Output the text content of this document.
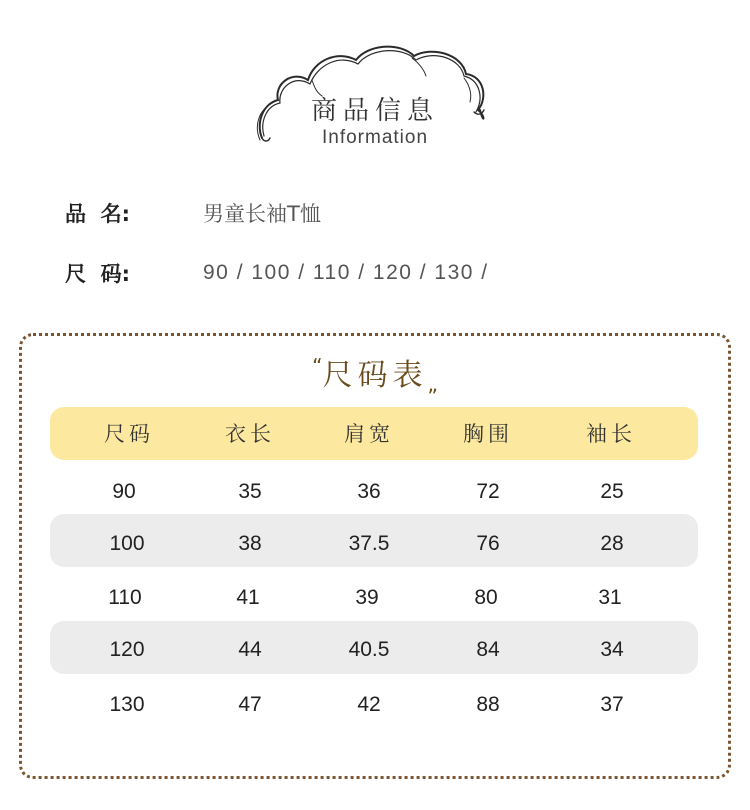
商品信息
Information
品  名:	男童长袖T恤
尺  码:	90 / 100 / 110 / 120 / 130 /
“尺码表$_„$
尺码	衣长	肩宽	胸围	袖长
90	35	36	72	25
100	38	37.5	76	28
110	41	39	80	31
120	44	40.5	84	34
130	47	42	88	37
